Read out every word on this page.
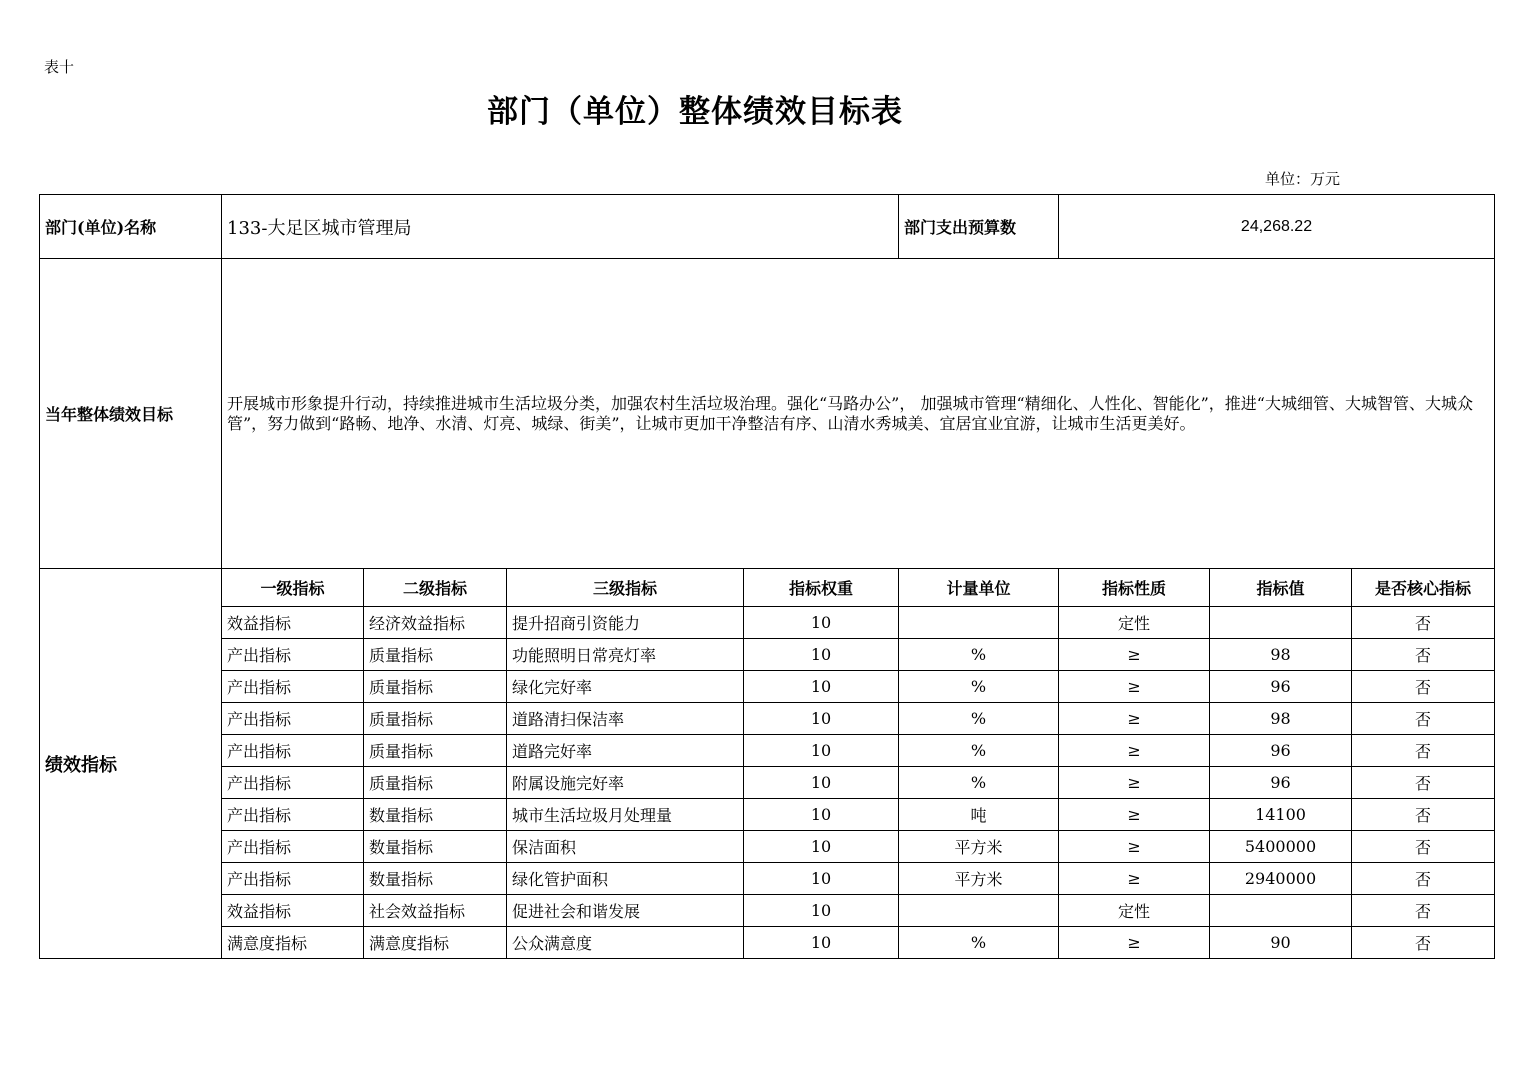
表十
部门（单位）整体绩效目标表
单位：万元
部门(单位)名称	133-大足区城市管理局				部门支出预算数	24,268.22		
当年整体绩效目标	开展城市形象提升行动，持续推进城市生活垃圾分类，加强农村生活垃圾治理。强化“马路办公”， 加强城市管理“精细化、人性化、智能化”，推进“大城细管、大城智管、大城众管”，努力做到“路畅、地净、水清、灯亮、城绿、街美”，让城市更加干净整洁有序、山清水秀城美、宜居宜业宜游，让城市生活更美好。							
绩效指标	一级指标	二级指标	三级指标	指标权重	计量单位	指标性质	指标值	是否核心指标
	效益指标	经济效益指标	提升招商引资能力	10		定性		否
	产出指标	质量指标	功能照明日常亮灯率	10	%	≥	98	否
	产出指标	质量指标	绿化完好率	10	%	≥	96	否
	产出指标	质量指标	道路清扫保洁率	10	%	≥	98	否
	产出指标	质量指标	道路完好率	10	%	≥	96	否
	产出指标	质量指标	附属设施完好率	10	%	≥	96	否
	产出指标	数量指标	城市生活垃圾月处理量	10	吨	≥	14100	否
	产出指标	数量指标	保洁面积	10	平方米	≥	5400000	否
	产出指标	数量指标	绿化管护面积	10	平方米	≥	2940000	否
	效益指标	社会效益指标	促进社会和谐发展	10		定性		否
	满意度指标	满意度指标	公众满意度	10	%	≥	90	否
